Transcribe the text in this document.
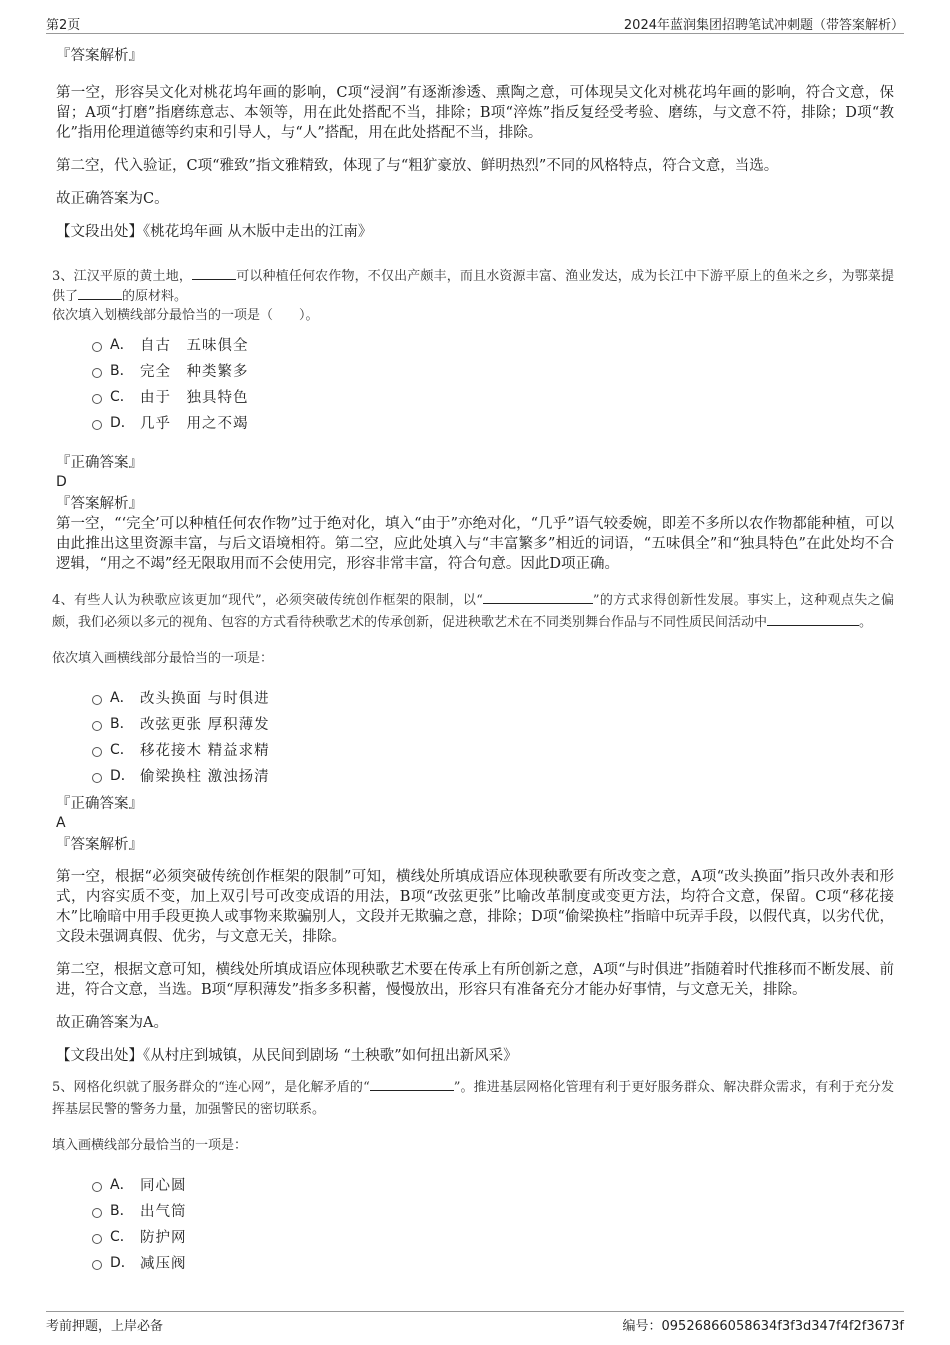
第2页	2024年蓝润集团招聘笔试冲刺题（带答案解析）
『答案解析』

第一空，形容吴文化对桃花坞年画的影响，C项“浸润”有逐渐渗透、熏陶之意，可体现吴文化对桃花坞年画的影响，符合文意，保留；A项“打磨”指磨练意志、本领等，用在此处搭配不当，排除；B项“淬炼”指反复经受考验、磨练，与文意不符，排除；D项“教化”指用伦理道德等约束和引导人，与“人”搭配，用在此处搭配不当，排除。

第二空，代入验证，C项“雅致”指文雅精致，体现了与“粗犷豪放、鲜明热烈”不同的风格特点，符合文意，当选。

故正确答案为C。

【文段出处】《桃花坞年画 从木版中走出的江南》

3、江汉平原的黄土地，	可以种植任何农作物，不仅出产颇丰，而且水资源丰富、渔业发达，成为长江中下游平原上的鱼米之乡，为鄂菜提供了	的原材料。

依次填入划横线部分最恰当的一项是（　　）。

A． 自古　五味俱全
B． 完全　种类繁多
C． 由于　独具特色
D． 几乎　用之不竭
『正确答案』
D
『答案解析』

第一空，“‘完全’可以种植任何农作物”过于绝对化，填入“由于”亦绝对化，“几乎”语气较委婉，即差不多所以农作物都能种植，可以由此推出这里资源丰富，与后文语境相符。第二空，应此处填入与“丰富繁多”相近的词语，“五味俱全”和“独具特色”在此处均不合逻辑，“用之不竭”经无限取用而不会使用完，形容非常丰富，符合句意。因此D项正确。

4、有些人认为秧歌应该更加“现代”，必须突破传统创作框架的限制，以“	”的方式求得创新性发展。事实上，这种观点失之偏颇，我们必须以多元的视角、包容的方式看待秧歌艺术的传承创新，促进秧歌艺术在不同类别舞台作品与不同性质民间活动中	。

依次填入画横线部分最恰当的一项是：

A． 改头换面 与时俱进
B． 改弦更张 厚积薄发
C． 移花接木 精益求精
D． 偷梁换柱 激浊扬清
『正确答案』
A
『答案解析』

第一空，根据“必须突破传统创作框架的限制”可知，横线处所填成语应体现秧歌要有所改变之意，A项“改头换面”指只改外表和形式，内容实质不变，加上双引号可改变成语的用法，B项“改弦更张”比喻改革制度或变更方法，均符合文意，保留。C项“移花接木”比喻暗中用手段更换人或事物来欺骗别人，文段并无欺骗之意，排除；D项“偷梁换柱”指暗中玩弄手段，以假代真，以劣代优，文段未强调真假、优劣，与文意无关，排除。

第二空，根据文意可知，横线处所填成语应体现秧歌艺术要在传承上有所创新之意，A项“与时俱进”指随着时代推移而不断发展、前进，符合文意，当选。B项“厚积薄发”指多多积蓄，慢慢放出，形容只有准备充分才能办好事情，与文意无关，排除。

故正确答案为A。

【文段出处】《从村庄到城镇，从民间到剧场 “土秧歌”如何扭出新风采》

5、网格化织就了服务群众的“连心网”，是化解矛盾的“	”。推进基层网格化管理有利于更好服务群众、解决群众需求，有利于充分发挥基层民警的警务力量，加强警民的密切联系。

填入画横线部分最恰当的一项是：

A． 同心圆
B． 出气筒
C． 防护网
D． 减压阀
考前押题，上岸必备	编号：0952686605863​4f3f3d347f4f2f3673f
